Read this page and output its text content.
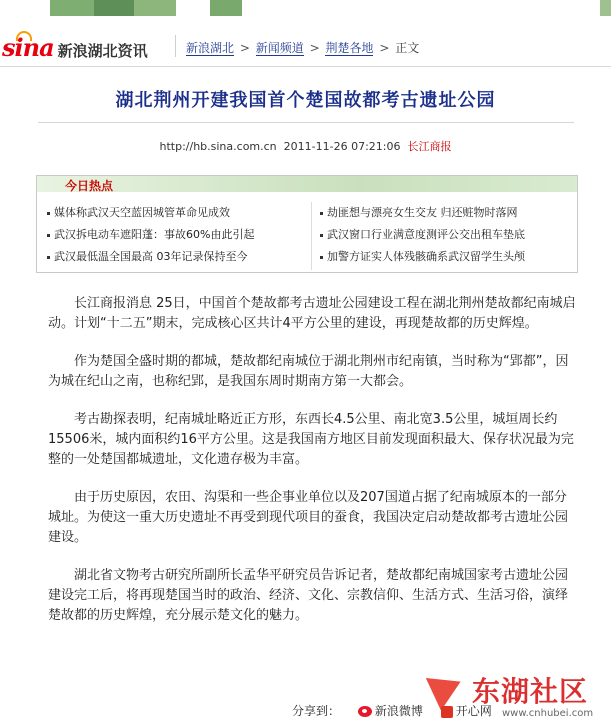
sina 新浪湖北资讯	新浪湖北 > 新闻频道 > 荆楚各地 > 正文
湖北荆州开建我国首个楚国故都考古遗址公园
http://hb.sina.com.cn 2011-11-26 07:21:06 长江商报
今日热点
媒体称武汉天空蓝因城管革命见成效
武汉拆电动车遮阳蓬：事故60%由此引起
武汉最低温全国最高 03年记录保持至今
劫匪想与漂亮女生交友 归还赃物时落网
武汉窗口行业满意度测评公交出租车垫底
加警方证实人体残骸确系武汉留学生头颅

长江商报消息 25日，中国首个楚故都考古遗址公园建设工程在湖北荆州楚故都纪南城启动。计划“十二五”期末，完成核心区共计4平方公里的建设，再现楚故都的历史辉煌。

作为楚国全盛时期的都城，楚故都纪南城位于湖北荆州市纪南镇，当时称为“郢都”，因为城在纪山之南，也称纪郢，是我国东周时期南方第一大都会。

考古勘探表明，纪南城址略近正方形，东西长4.5公里、南北宽3.5公里，城垣周长约15506米，城内面积约16平方公里。这是我国南方地区目前发现面积最大、保存状况最为完整的一处楚国都城遗址，文化遗存极为丰富。

由于历史原因，农田、沟渠和一些企事业单位以及207国道占据了纪南城原本的一部分城址。为使这一重大历史遗址不再受到现代项目的蚕食，我国决定启动楚故都考古遗址公园建设。

湖北省文物考古研究所副所长孟华平研究员告诉记者，楚故都纪南城国家考古遗址公园建设完工后，将再现楚国当时的政治、经济、文化、宗教信仰、生活方式、生活习俗，演绎楚故都的历史辉煌，充分展示楚文化的魅力。

东湖社区
www.cnhubei.com
分享到：	新浪微博	开心网
